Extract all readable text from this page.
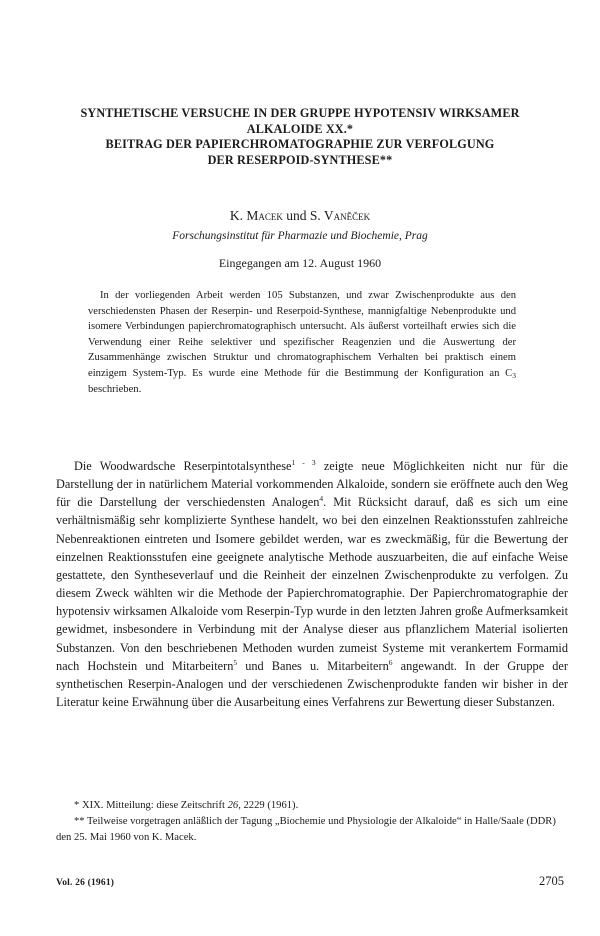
SYNTHETISCHE VERSUCHE IN DER GRUPPE HYPOTENSIV WIRKSAMER
ALKALOIDE XX.*
BEITRAG DER PAPIERCHROMATOGRAPHIE ZUR VERFOLGUNG
DER RESERPOID-SYNTHESE**
K. Macek und S. Vaněček
Forschungsinstitut für Pharmazie und Biochemie, Prag
Eingegangen am 12. August 1960

In der vorliegenden Arbeit werden 105 Substanzen, und zwar Zwischenprodukte aus den verschiedensten Phasen der Reserpin- und Reserpoid-Synthese, mannigfaltige Nebenprodukte und isomere Verbindungen papierchromatographisch untersucht. Als äußerst vorteilhaft erwies sich die Verwendung einer Reihe selektiver und spezifischer Reagenzien und die Auswertung der Zusammenhänge zwischen Struktur und chromatographischem Verhalten bei praktisch einem einzigem System-Typ. Es wurde eine Methode für die Bestimmung der Konfiguration an $C_3$ beschrieben.

Die Woodwardsche Reserpintotalsynthese$^{1 - 3}$ zeigte neue Möglichkeiten nicht nur für die Darstellung der in natürlichem Material vorkommenden Alkaloide, sondern sie eröffnete auch den Weg für die Darstellung der verschiedensten Analogen$^4$. Mit Rücksicht darauf, daß es sich um eine verhältnismäßig sehr komplizierte Synthese handelt, wo bei den einzelnen Reaktionsstufen zahlreiche Nebenreaktionen eintreten und Isomere gebildet werden, war es zweckmäßig, für die Bewertung der einzelnen Reaktionsstufen eine geeignete analytische Methode auszuarbeiten, die auf einfache Weise gestattete, den Syntheseverlauf und die Reinheit der einzelnen Zwischenprodukte zu verfolgen. Zu diesem Zweck wählten wir die Methode der Papierchromatographie. Der Papierchromatographie der hypotensiv wirksamen Alkaloide vom Reserpin-Typ wurde in den letzten Jahren große Aufmerksamkeit gewidmet, insbesondere in Verbindung mit der Analyse dieser aus pflanzlichem Material isolierten Substanzen. Von den beschriebenen Methoden wurden zumeist Systeme mit verankertem Formamid nach Hochstein und Mitarbeitern$^5$ und Banes u. Mitarbeitern$^6$ angewandt. In der Gruppe der synthetischen Reserpin-Analogen und der verschiedenen Zwischenprodukte fanden wir bisher in der Literatur keine Erwähnung über die Ausarbeitung eines Verfahrens zur Bewertung dieser Substanzen.

* XIX. Mitteilung: diese Zeitschrift 26, 2229 (1961).
** Teilweise vorgetragen anläßlich der Tagung „Biochemie und Physiologie der Alkaloide“ in Halle/Saale (DDR) den 25. Mai 1960 von K. Macek.
Vol. 26 (1961)	2705
